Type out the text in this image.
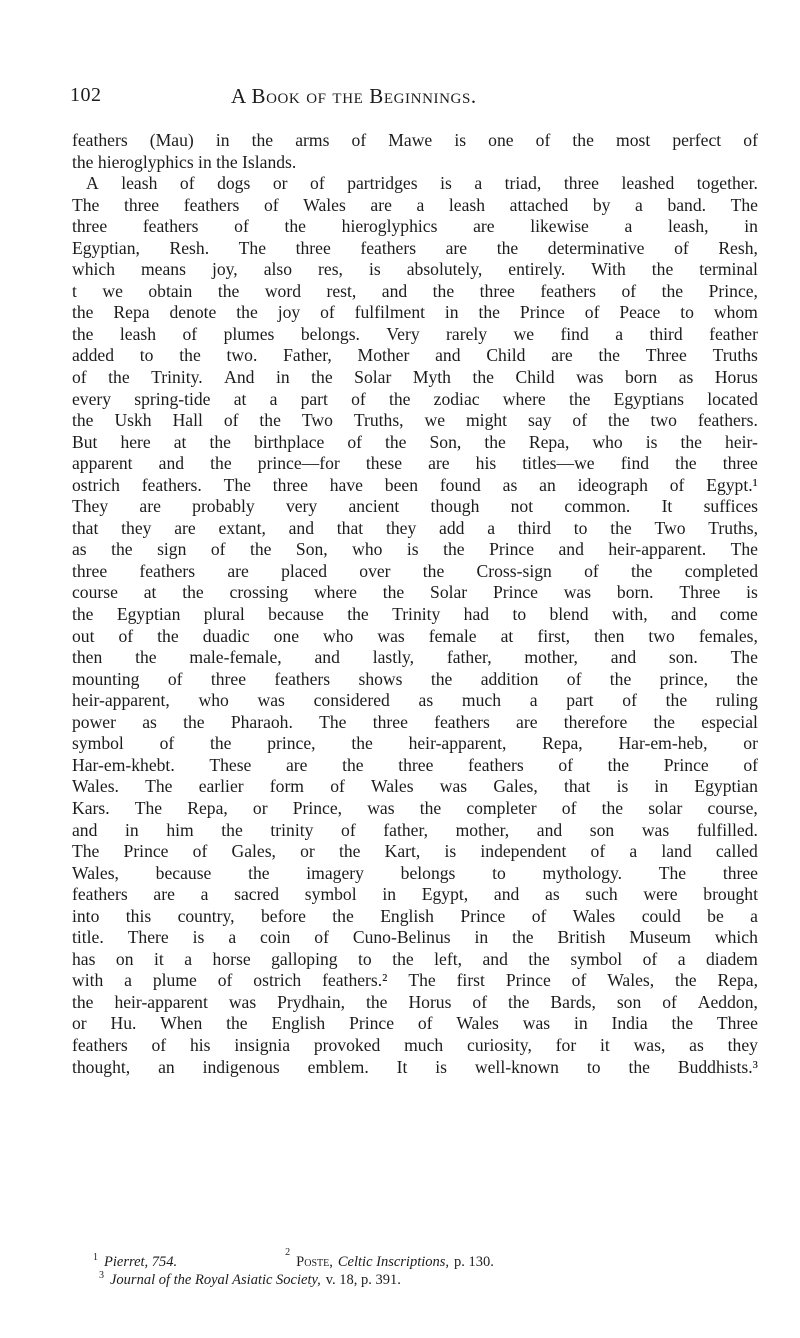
102	A Book of the Beginnings.
feathers (Mau) in the arms of Mawe is one of the most perfect of
the hieroglyphics in the Islands.
A leash of dogs or of partridges is a triad, three leashed together.
The three feathers of Wales are a leash attached by a band. The
three feathers of the hieroglyphics are likewise a leash, in
Egyptian, Resh. The three feathers are the determinative of Resh,
which means joy, also res, is absolutely, entirely. With the terminal
t we obtain the word rest, and the three feathers of the Prince,
the Repa denote the joy of fulfilment in the Prince of Peace to whom
the leash of plumes belongs. Very rarely we find a third feather
added to the two. Father, Mother and Child are the Three Truths
of the Trinity. And in the Solar Myth the Child was born as Horus
every spring-tide at a part of the zodiac where the Egyptians located
the Uskh Hall of the Two Truths, we might say of the two feathers.
But here at the birthplace of the Son, the Repa, who is the heir-
apparent and the prince—for these are his titles—we find the three
ostrich feathers. The three have been found as an ideograph of Egypt.¹
They are probably very ancient though not common. It suffices
that they are extant, and that they add a third to the Two Truths,
as the sign of the Son, who is the Prince and heir-apparent. The
three feathers are placed over the Cross-sign of the completed
course at the crossing where the Solar Prince was born. Three is
the Egyptian plural because the Trinity had to blend with, and come
out of the duadic one who was female at first, then two females,
then the male-female, and lastly, father, mother, and son. The
mounting of three feathers shows the addition of the prince, the
heir-apparent, who was considered as much a part of the ruling
power as the Pharaoh. The three feathers are therefore the especial
symbol of the prince, the heir-apparent, Repa, Har-em-heb, or
Har-em-khebt. These are the three feathers of the Prince of
Wales. The earlier form of Wales was Gales, that is in Egyptian
Kars. The Repa, or Prince, was the completer of the solar course,
and in him the trinity of father, mother, and son was fulfilled.
The Prince of Gales, or the Kart, is independent of a land called
Wales, because the imagery belongs to mythology. The three
feathers are a sacred symbol in Egypt, and as such were brought
into this country, before the English Prince of Wales could be a
title. There is a coin of Cuno-Belinus in the British Museum which
has on it a horse galloping to the left, and the symbol of a diadem
with a plume of ostrich feathers.² The first Prince of Wales, the Repa,
the heir-apparent was Prydhain, the Horus of the Bards, son of Aeddon,
or Hu. When the English Prince of Wales was in India the Three
feathers of his insignia provoked much curiosity, for it was, as they
thought, an indigenous emblem. It is well-known to the Buddhists.³
$^1$ Pierret, 754.
2
Poste, Celtic Inscriptions, p. 130.
$^3$ Journal of the Royal Asiatic Society, v. 18, p. 391.
